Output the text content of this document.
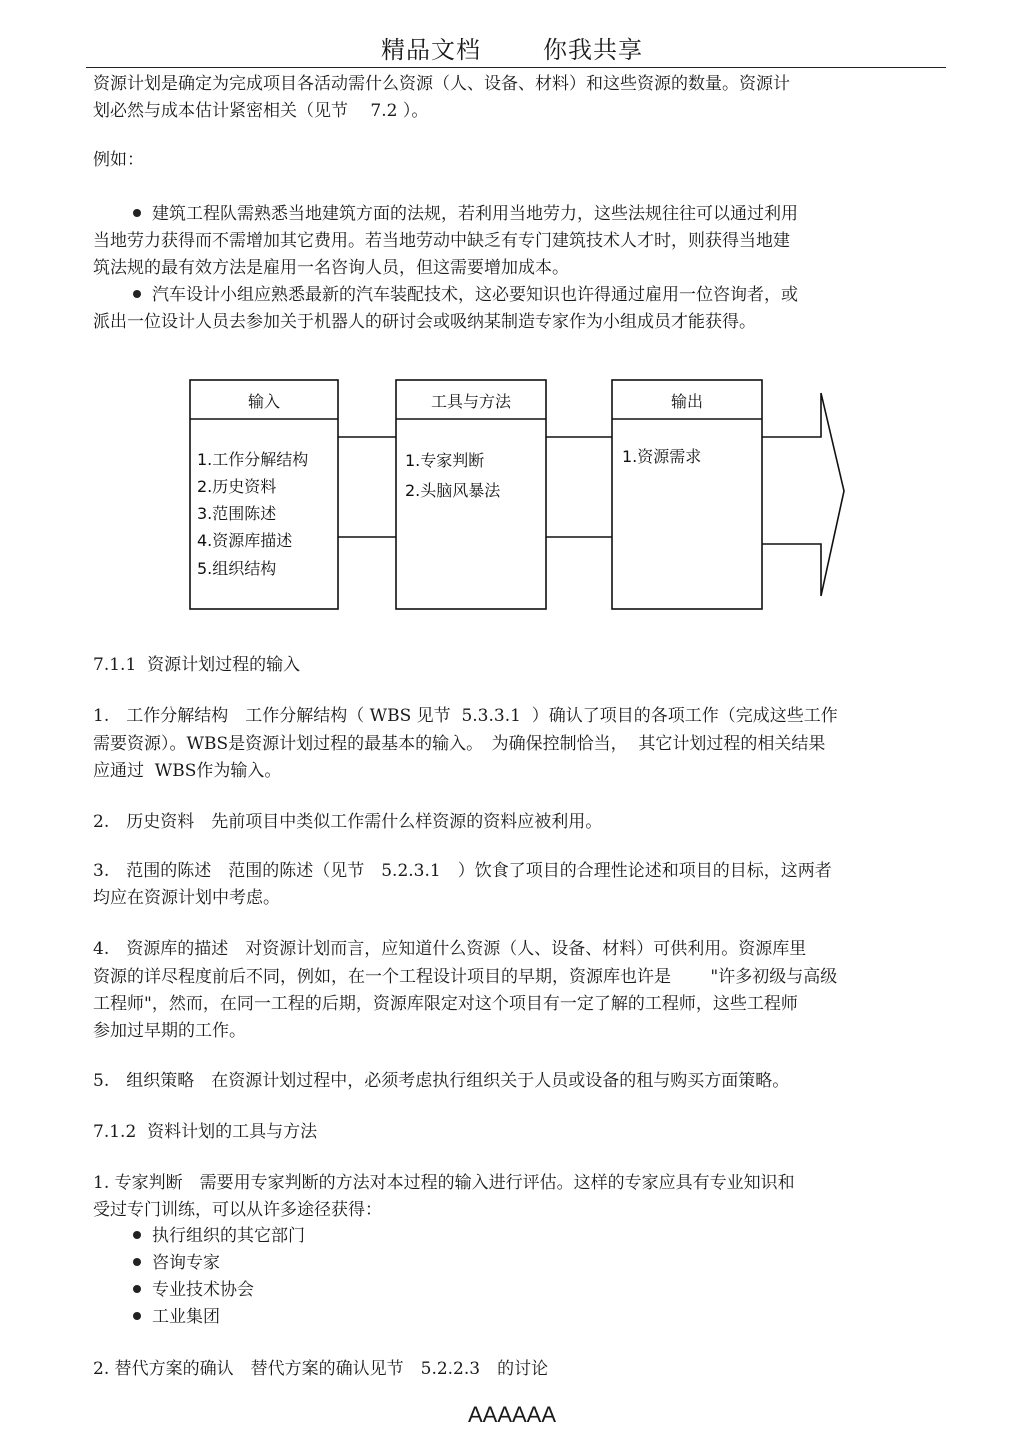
精品文档	你我共享
资源计划是确定为完成项目各活动需什么资源（人、设备、材料）和这些资源的数量。资源计
划必然与成本估计紧密相关（见节　 7.2 ）。
例如：
建筑工程队需熟悉当地建筑方面的法规，若利用当地劳力，这些法规往往可以通过利用
当地劳力获得而不需增加其它费用。若当地劳动中缺乏有专门建筑技术人才时，则获得当地建
筑法规的最有效方法是雇用一名咨询人员，但这需要增加成本。
汽车设计小组应熟悉最新的汽车装配技术，这必要知识也许得通过雇用一位咨询者，或
派出一位设计人员去参加关于机器人的研讨会或吸纳某制造专家作为小组成员才能获得。
输入	工具与方法	输出
1.工作分解结构
2.历史资料
3.范围陈述
4.资源库描述
5.组织结构
1.专家判断
2.头脑风暴法
1.资源需求
7.1.1  资源计划过程的输入
1.　工作分解结构　工作分解结构（ WBS 见节  5.3.3.1  ）确认了项目的各项工作（完成这些工作
需要资源）。WBS是资源计划过程的最基本的输入。　为确保控制恰当，  其它计划过程的相关结果
应通过  WBS作为输入。
2.　历史资料　先前项目中类似工作需什么样资源的资料应被利用。
3.　范围的陈述　范围的陈述（见节　5.2.3.1　）饮食了项目的合理性论述和项目的目标，这两者
均应在资源计划中考虑。
4.　资源库的描述　对资源计划而言，应知道什么资源（人、设备、材料）可供利用。资源库里
资源的详尽程度前后不同，例如，在一个工程设计项目的早期，资源库也许是　　 "许多初级与高级
工程师"，然而，在同一工程的后期，资源库限定对这个项目有一定了解的工程师，这些工程师
参加过早期的工作。
5.　组织策略　在资源计划过程中，必须考虑执行组织关于人员或设备的租与购买方面策略。
7.1.2  资料计划的工具与方法
1. 专家判断　需要用专家判断的方法对本过程的输入进行评估。这样的专家应具有专业知识和
受过专门训练，可以从许多途径获得：
执行组织的其它部门
咨询专家
专业技术协会
工业集团
2. 替代方案的确认　替代方案的确认见节　5.2.2.3　的讨论
AAAAAA
